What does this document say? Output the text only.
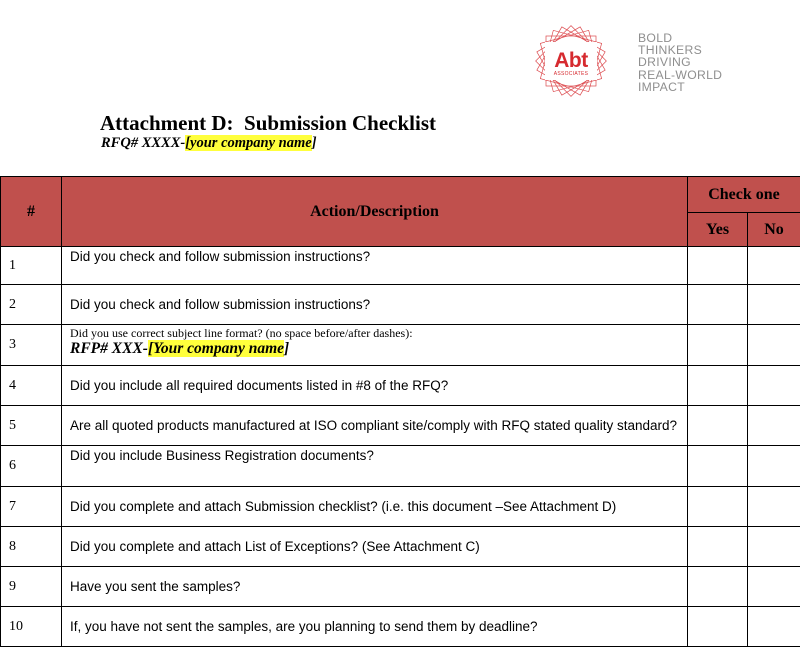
Abt
ASSOCIATES
BOLD
THINKERS
DRIVING
REAL-WORLD
IMPACT
Attachment D:  Submission Checklist
RFQ# XXXX-[your company name]
#	Action/Description	Check one	
		Yes	No
1	Did you check and follow submission instructions?		
2	Did you check and follow submission instructions?		
3	Did you use correct subject line format? (no space before/after dashes):
RFP# XXX-[Your company name]		

4	Did you include all required documents listed in #8 of the RFQ?		
5	Are all quoted products manufactured at ISO compliant site/comply with RFQ stated quality standard?		
6	Did you include Business Registration documents?		
7	Did you complete and attach Submission checklist? (i.e. this document –See Attachment D)		
8	Did you complete and attach List of Exceptions? (See Attachment C)		
9	Have you sent the samples?		
10	If, you have not sent the samples, are you planning to send them by deadline?		
